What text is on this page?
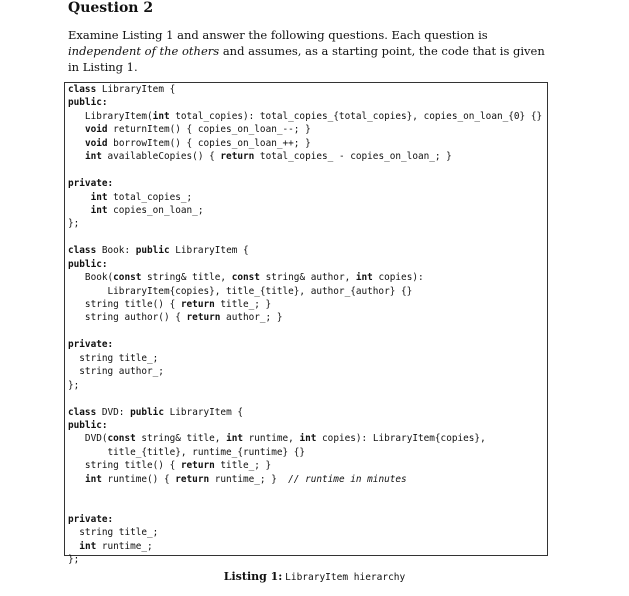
Question 2

Examine Listing 1 and answer the following questions. Each question is independent of the others and assumes, as a starting point, the code that is given in Listing 1.

class LibraryItem {
public:
LibraryItem(int total_copies): total_copies_{total_copies}, copies_on_loan_{0} {}
void returnItem() { copies_on_loan_--; }
void borrowItem() { copies_on_loan_++; }
int availableCopies() { return total_copies_ - copies_on_loan_; }

private:
int total_copies_;
int copies_on_loan_;
};

class Book: public LibraryItem {
public:
Book(const string& title, const string& author, int copies):
LibraryItem{copies}, title_{title}, author_{author} {}
string title() { return title_; }
string author() { return author_; }

private:
string title_;
string author_;
};

class DVD: public LibraryItem {
public:
DVD(const string& title, int runtime, int copies): LibraryItem{copies},
title_{title}, runtime_{runtime} {}
string title() { return title_; }
int runtime() { return runtime_; }  // runtime in minutes

private:
string title_;
int runtime_;
};
Listing 1: LibraryItem hierarchy
